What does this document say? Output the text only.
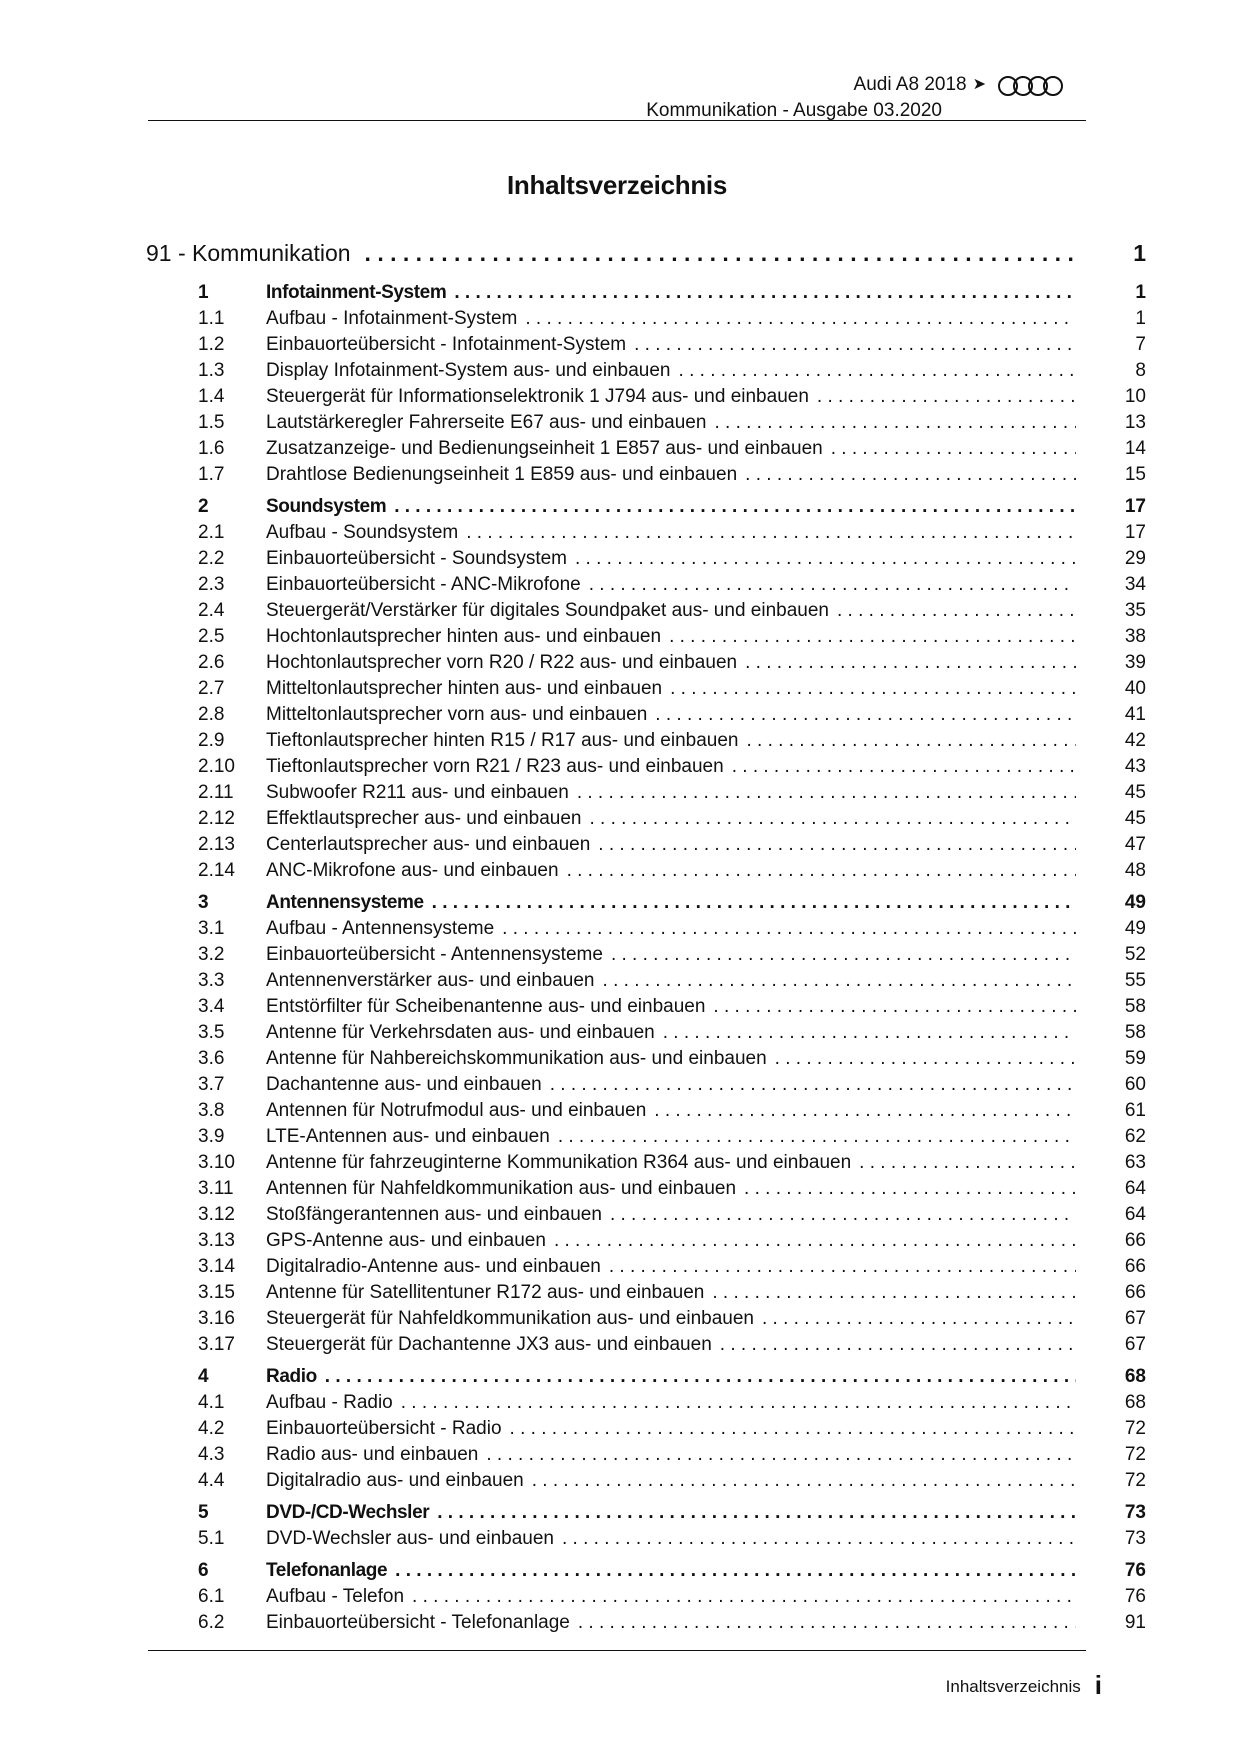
Audi A8 2018 ➤
Kommunikation - Ausgabe 03.2020
Inhaltsverzeichnis
91 - Kommunikation . . .	1
1	Infotainment-System . . .	1
1.1	Aufbau - Infotainment-System . . .	1
1.2	Einbauorteübersicht - Infotainment-System . . .	7
1.3	Display Infotainment-System aus- und einbauen . . .	8
1.4	Steuergerät für Informationselektronik 1 J794 aus- und einbauen . . .	10
1.5	Lautstärkeregler Fahrerseite E67 aus- und einbauen . . .	13
1.6	Zusatzanzeige- und Bedienungseinheit 1 E857 aus- und einbauen . . .	14
1.7	Drahtlose Bedienungseinheit 1 E859 aus- und einbauen . . .	15
2	Soundsystem . . .	17
2.1	Aufbau - Soundsystem . . .	17
2.2	Einbauorteübersicht - Soundsystem . . .	29
2.3	Einbauorteübersicht - ANC-Mikrofone . . .	34
2.4	Steuergerät/Verstärker für digitales Soundpaket aus- und einbauen . . .	35
2.5	Hochtonlautsprecher hinten aus- und einbauen . . .	38
2.6	Hochtonlautsprecher vorn R20 / R22 aus- und einbauen . . .	39
2.7	Mitteltonlautsprecher hinten aus- und einbauen . . .	40
2.8	Mitteltonlautsprecher vorn aus- und einbauen . . .	41
2.9	Tieftonlautsprecher hinten R15 / R17 aus- und einbauen . . .	42
2.10	Tieftonlautsprecher vorn R21 / R23 aus- und einbauen . . .	43
2.11	Subwoofer R211 aus- und einbauen . . .	45
2.12	Effektlautsprecher aus- und einbauen . . .	45
2.13	Centerlautsprecher aus- und einbauen . . .	47
2.14	ANC-Mikrofone aus- und einbauen . . .	48
3	Antennensysteme . . .	49
3.1	Aufbau - Antennensysteme . . .	49
3.2	Einbauorteübersicht - Antennensysteme . . .	52
3.3	Antennenverstärker aus- und einbauen . . .	55
3.4	Entstörfilter für Scheibenantenne aus- und einbauen . . .	58
3.5	Antenne für Verkehrsdaten aus- und einbauen . . .	58
3.6	Antenne für Nahbereichskommunikation aus- und einbauen . . .	59
3.7	Dachantenne aus- und einbauen . . .	60
3.8	Antennen für Notrufmodul aus- und einbauen . . .	61
3.9	LTE-Antennen aus- und einbauen . . .	62
3.10	Antenne für fahrzeuginterne Kommunikation R364 aus- und einbauen . . .	63
3.11	Antennen für Nahfeldkommunikation aus- und einbauen . . .	64
3.12	Stoßfängerantennen aus- und einbauen . . .	64
3.13	GPS-Antenne aus- und einbauen . . .	66
3.14	Digitalradio-Antenne aus- und einbauen . . .	66
3.15	Antenne für Satellitentuner R172 aus- und einbauen . . .	66
3.16	Steuergerät für Nahfeldkommunikation aus- und einbauen . . .	67
3.17	Steuergerät für Dachantenne JX3 aus- und einbauen . . .	67
4	Radio . . .	68
4.1	Aufbau - Radio . . .	68
4.2	Einbauorteübersicht - Radio . . .	72
4.3	Radio aus- und einbauen . . .	72
4.4	Digitalradio aus- und einbauen . . .	72
5	DVD-/CD-Wechsler . . .	73
5.1	DVD-Wechsler aus- und einbauen . . .	73
6	Telefonanlage . . .	76
6.1	Aufbau - Telefon . . .	76
6.2	Einbauorteübersicht - Telefonanlage . . .	91
Inhaltsverzeichnis i
